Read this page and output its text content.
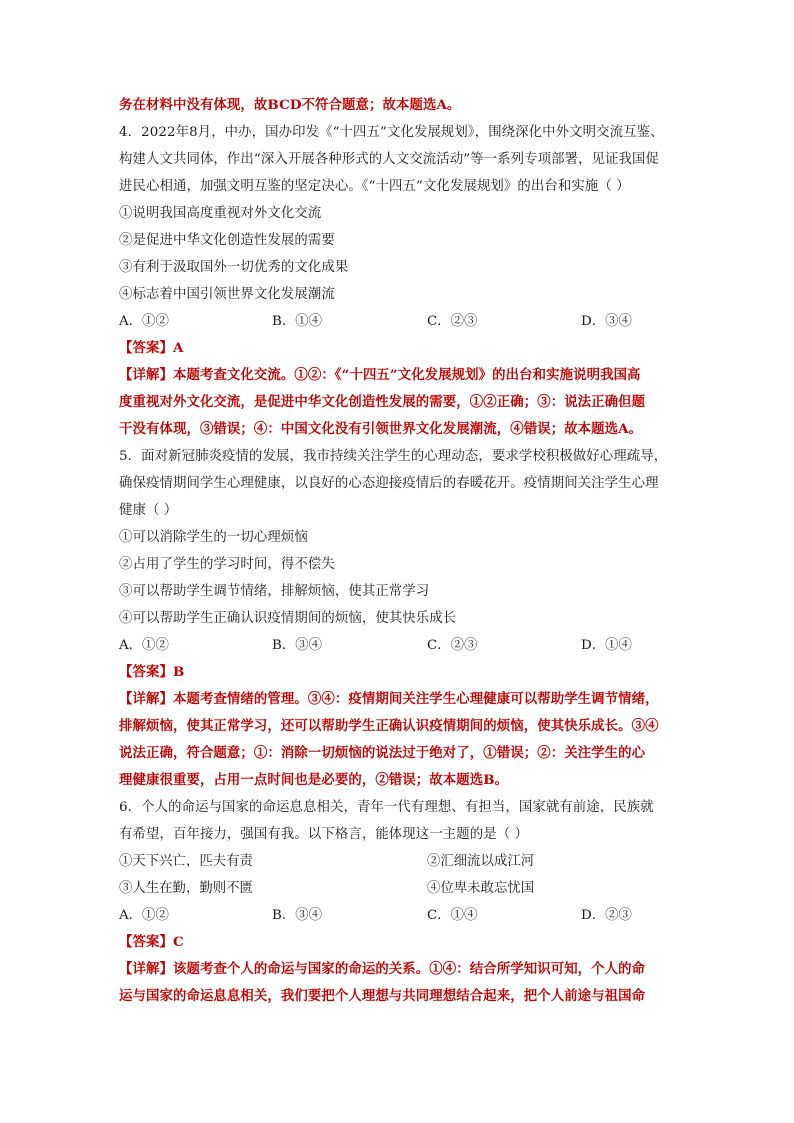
务在材料中没有体现，故BCD不符合题意；故本题选A。
4．2022年8月，中办，国办印发《“十四五”文化发展规划》，围绕深化中外文明交流互鉴、
构建人文共同体，作出“深入开展各种形式的人文交流活动”等一系列专项部署，见证我国促
进民心相通，加强文明互鉴的坚定决心。《“十四五”文化发展规划》的出台和实施（ ）
①说明我国高度重视对外文化交流
②是促进中华文化创造性发展的需要
③有利于汲取国外一切优秀的文化成果
④标志着中国引领世界文化发展潮流
A．①②	B．①④	C．②③	D．③④
【答案】A
【详解】本题考查文化交流。①②：《“十四五”文化发展规划》的出台和实施说明我国高
度重视对外文化交流，是促进中华文化创造性发展的需要，①②正确；③：说法正确但题
干没有体现，③错误；④：中国文化没有引领世界文化发展潮流，④错误；故本题选A。
5．面对新冠肺炎疫情的发展，我市持续关注学生的心理动态，要求学校积极做好心理疏导，
确保疫情期间学生心理健康，以良好的心态迎接疫情后的春暖花开。疫情期间关注学生心理
健康（ ）
①可以消除学生的一切心理烦恼
②占用了学生的学习时间，得不偿失
③可以帮助学生调节情绪，排解烦恼，使其正常学习
④可以帮助学生正确认识疫情期间的烦恼，使其快乐成长
A．①②	B．③④	C．②③	D．①④
【答案】B
【详解】本题考查情绪的管理。③④：疫情期间关注学生心理健康可以帮助学生调节情绪，
排解烦恼，使其正常学习，还可以帮助学生正确认识疫情期间的烦恼，使其快乐成长。③④
说法正确，符合题意；①：消除一切烦恼的说法过于绝对了，①错误；②：关注学生的心
理健康很重要，占用一点时间也是必要的，②错误；故本题选B。
6．个人的命运与国家的命运息息相关，青年一代有理想、有担当，国家就有前途，民族就
有希望，百年接力，强国有我。以下格言，能体现这一主题的是（ ）
①天下兴亡，匹夫有责	②汇细流以成江河
③人生在勤，勤则不匮	④位卑未敢忘忧国
A．①②	B．③④	C．①④	D．②③
【答案】C
【详解】该题考查个人的命运与国家的命运的关系。①④：结合所学知识可知，个人的命
运与国家的命运息息相关，我们要把个人理想与共同理想结合起来，把个人前途与祖国命
